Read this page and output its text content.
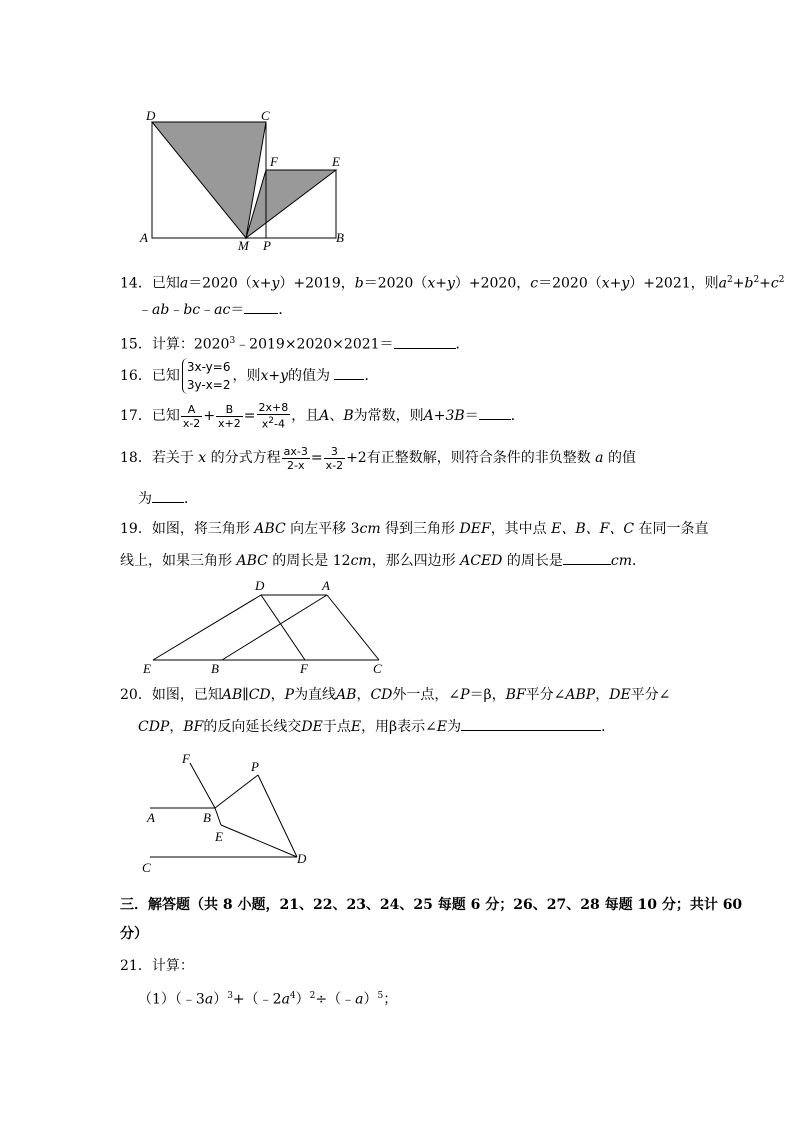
D	C
F	E
A
M P
B
14．已知a＝2020（x+y）+2019，b＝2020（x+y）+2020，c＝2020（x+y）+2021，则$a^2+b^2+c^2$
﹣ab﹣bc﹣ac＝ ．
15．计算：$2020^3﹣2019\times 2020\times 2021=$	．
16．已知
3x-y=6
3y-x=2
，则x+y的值为 ．
17．已知 $\frac{A}{x-2} + \frac{B}{x+2} = \frac{2x+8}{x^2-4}$ ，且A、B为常数，则A+3B＝ ．
18．若关于 x 的分式方程 $\frac{ax-3}{2-x} = \frac{3}{x-2} +2$有正整数解，则符合条件的非负整数 a 的值
为 ．
19．如图，将三角形 ABC 向左平移 3cm 得到三角形 DEF，其中点 E、B、F、C 在同一条直
线上，如果三角形 ABC 的周长是 12cm，那么四边形 ACED 的周长是	cm．
D	A
E	B	F	C
20．如图，已知AB∥CD，P为直线AB，CD外一点，∠P＝β，BF平分∠ABP，DE平分∠
CDP，BF的反向延长线交DE于点E，用β表示∠E为	．
F
P
A	B
E
C
D
三．解答题（共 8 小题，21、22、23、24、25 每题 6 分；26、27、28 每题 10 分；共计 60
分）
21．计算：
$(1)(﹣3a)^3+(﹣2a^4)^2\div(﹣a)^5$；
